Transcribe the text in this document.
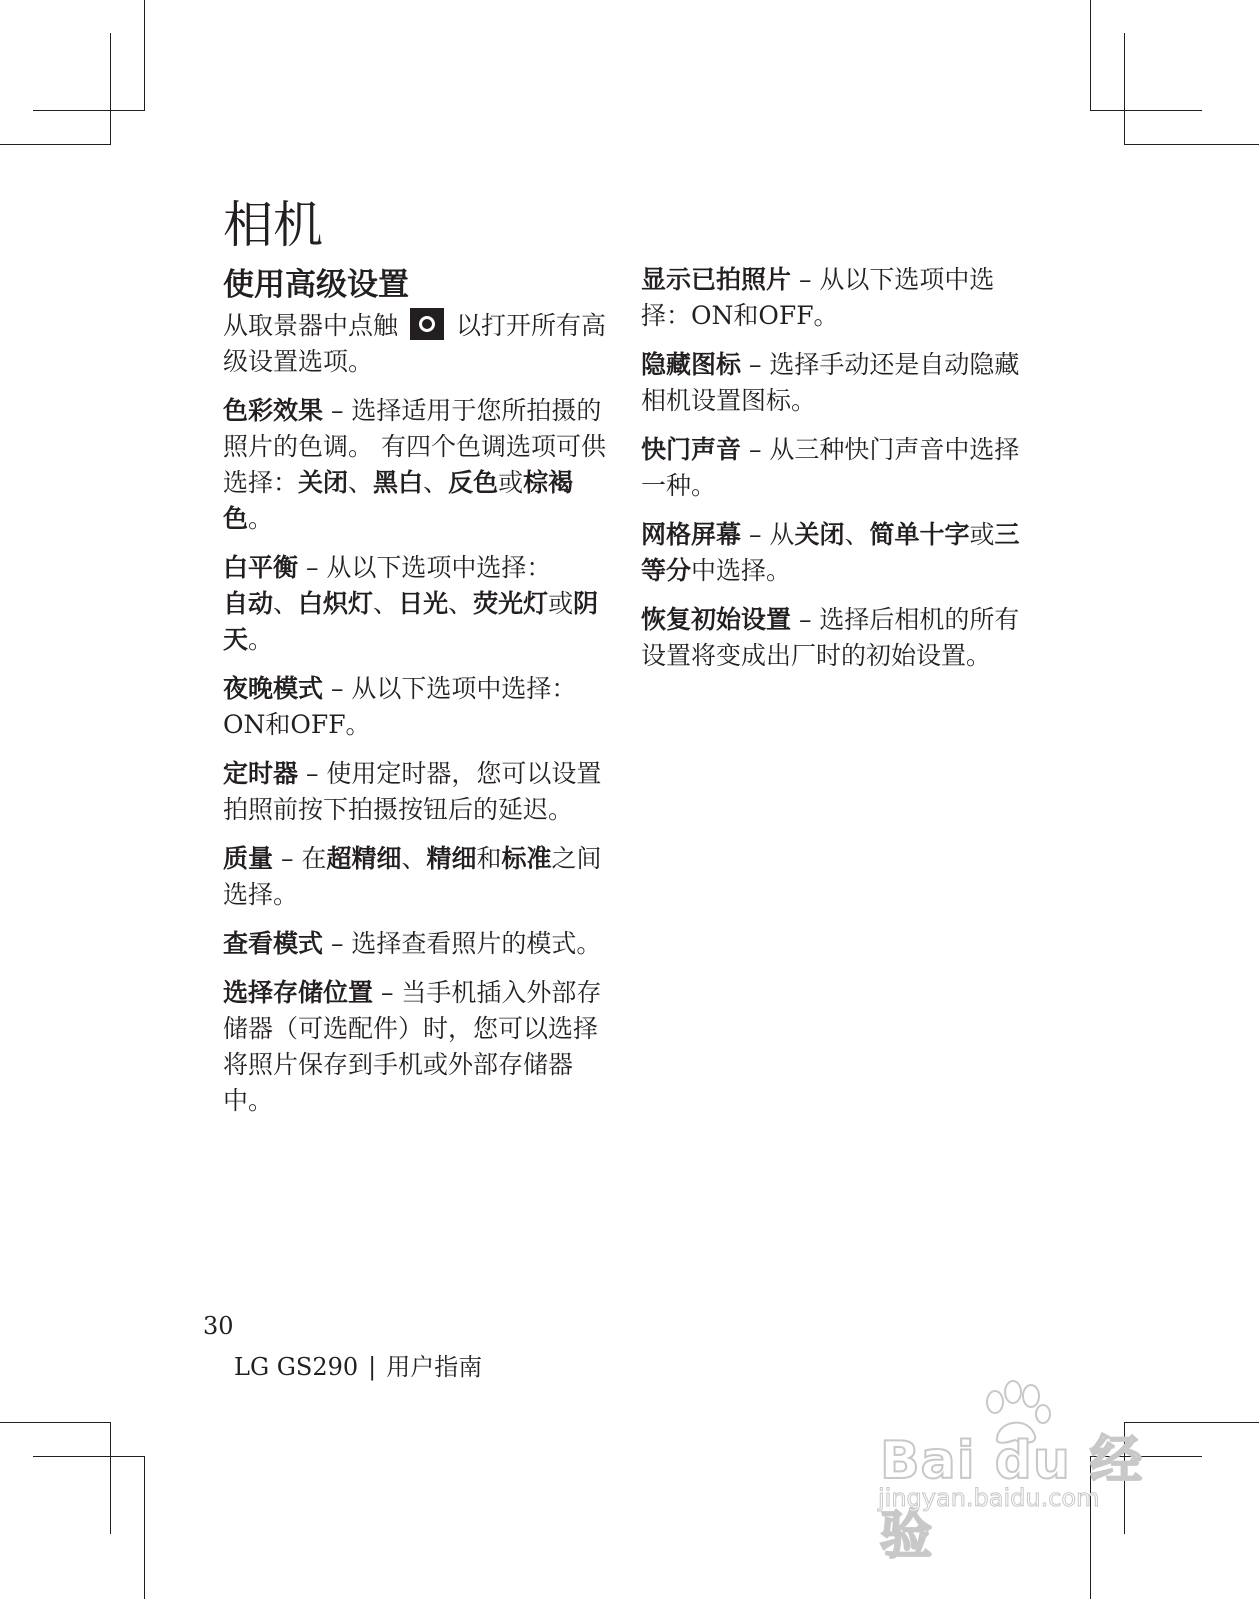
相机
使用高级设置

从取景器中点触 以打开所有高级设置选项。

色彩效果 – 选择适用于您所拍摄的照片的色调。 有四个色调选项可供选择：关闭、黑白、反色或棕褐色。

白平衡 – 从以下选项中选择：
自动、白炽灯、日光、荧光灯或阴天。

夜晚模式 – 从以下选项中选择：ON和OFF。

定时器 – 使用定时器，您可以设置拍照前按下拍摄按钮后的延迟。

质量 – 在超精细、精细和标准之间选择。

查看模式 – 选择查看照片的模式。

选择存储位置 – 当手机插入外部存储器（可选配件）时，您可以选择将照片保存到手机或外部存储器中。

显示已拍照片 – 从以下选项中选择：ON和OFF。

隐藏图标 – 选择手动还是自动隐藏相机设置图标。

快门声音 – 从三种快门声音中选择一种。

网格屏幕 – 从关闭、简单十字或三等分中选择。

恢复初始设置 – 选择后相机的所有设置将变成出厂时的初始设置。

30
LG GS290 | 用户指南
Bai du 经验
jingyan.baidu.com
